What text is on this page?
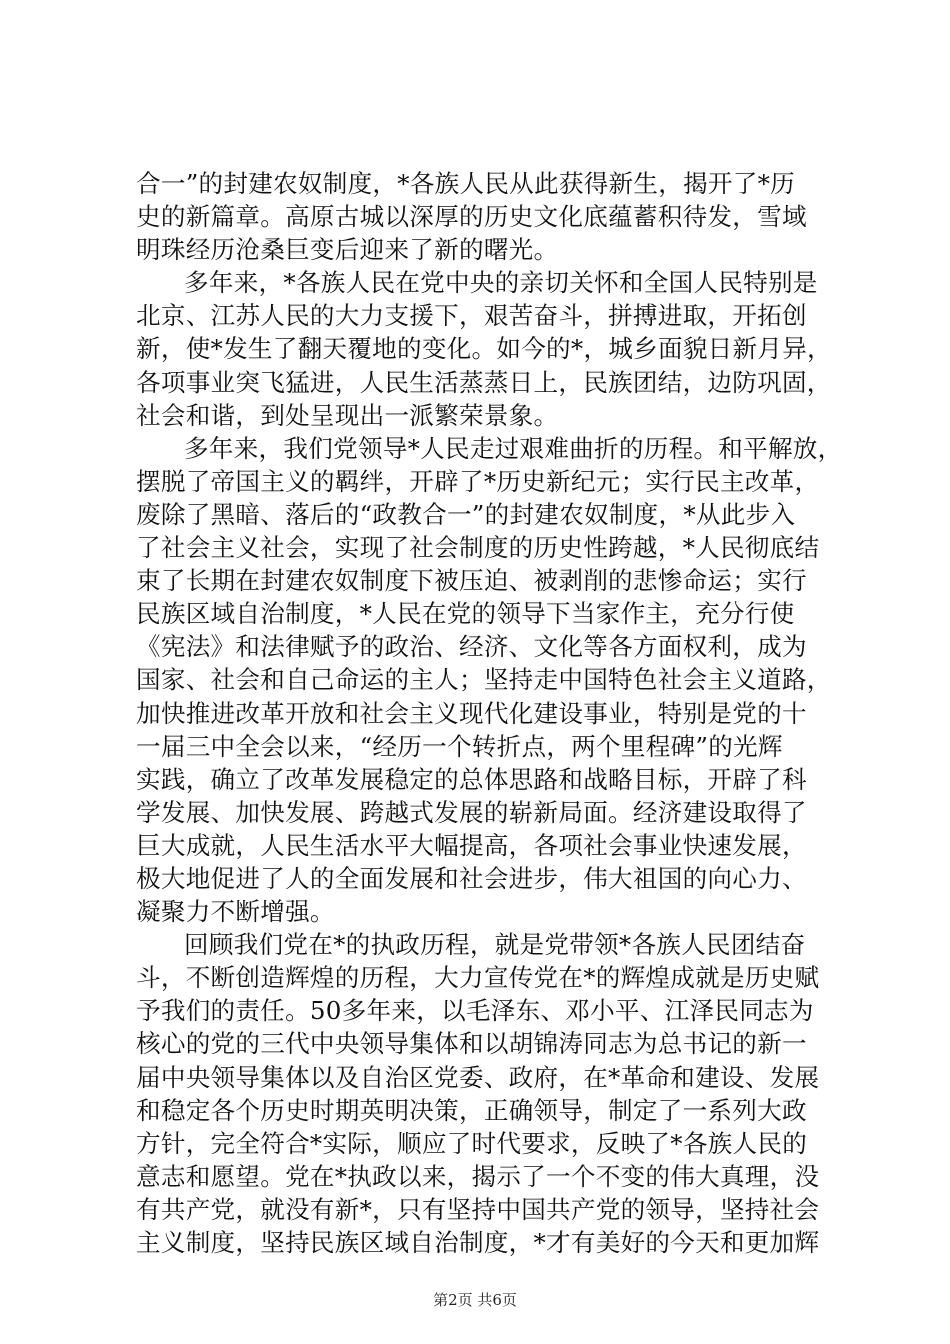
合一”的封建农奴制度，*各族人民从此获得新生，揭开了*历
史的新篇章。高原古城以深厚的历史文化底蕴蓄积待发，雪域
明珠经历沧桑巨变后迎来了新的曙光。
多年来，*各族人民在党中央的亲切关怀和全国人民特别是
北京、江苏人民的大力支援下，艰苦奋斗，拼搏进取，开拓创
新，使*发生了翻天覆地的变化。如今的*，城乡面貌日新月异，
各项事业突飞猛进，人民生活蒸蒸日上，民族团结，边防巩固，
社会和谐，到处呈现出一派繁荣景象。
多年来，我们党领导*人民走过艰难曲折的历程。和平解放，
摆脱了帝国主义的羁绊，开辟了*历史新纪元；实行民主改革，
废除了黑暗、落后的“政教合一”的封建农奴制度，*从此步入
了社会主义社会，实现了社会制度的历史性跨越，*人民彻底结
束了长期在封建农奴制度下被压迫、被剥削的悲惨命运；实行
民族区域自治制度，*人民在党的领导下当家作主，充分行使
《宪法》和法律赋予的政治、经济、文化等各方面权利，成为
国家、社会和自己命运的主人；坚持走中国特色社会主义道路，
加快推进改革开放和社会主义现代化建设事业，特别是党的十
一届三中全会以来，“经历一个转折点，两个里程碑”的光辉
实践，确立了改革发展稳定的总体思路和战略目标，开辟了科
学发展、加快发展、跨越式发展的崭新局面。经济建设取得了
巨大成就，人民生活水平大幅提高，各项社会事业快速发展，
极大地促进了人的全面发展和社会进步，伟大祖国的向心力、
凝聚力不断增强。
回顾我们党在*的执政历程，就是党带领*各族人民团结奋
斗，不断创造辉煌的历程，大力宣传党在*的辉煌成就是历史赋
予我们的责任。50多年来，以毛泽东、邓小平、江泽民同志为
核心的党的三代中央领导集体和以胡锦涛同志为总书记的新一
届中央领导集体以及自治区党委、政府，在*革命和建设、发展
和稳定各个历史时期英明决策，正确领导，制定了一系列大政
方针，完全符合*实际，顺应了时代要求，反映了*各族人民的
意志和愿望。党在*执政以来，揭示了一个不变的伟大真理，没
有共产党，就没有新*，只有坚持中国共产党的领导，坚持社会
主义制度，坚持民族区域自治制度，*才有美好的今天和更加辉
第2页 共6页
